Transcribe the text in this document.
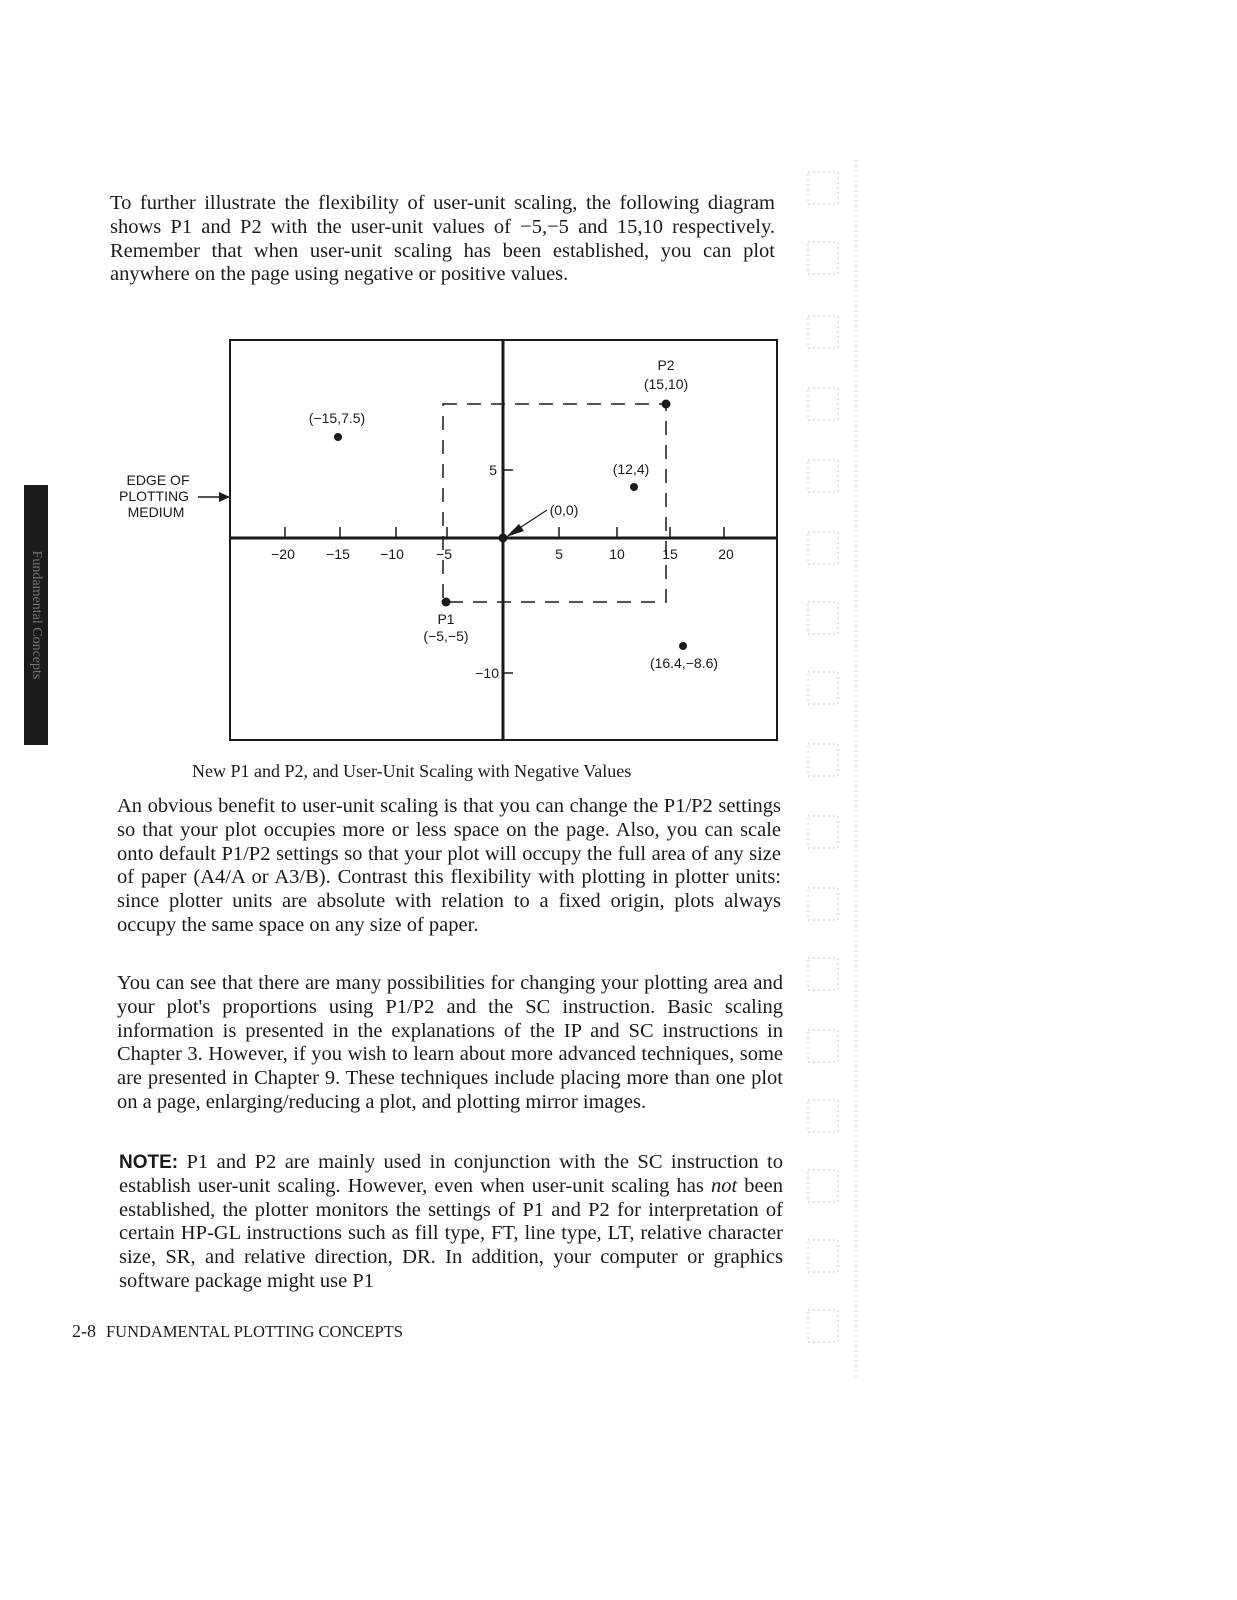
Fundamental Concepts

To further illustrate the flexibility of user-unit scaling, the following diagram shows P1 and P2 with the user-unit values of −5,−5 and 15,10 respectively. Remember that when user-unit scaling has been established, you can plot anywhere on the page using negative or positive values.

−20 −15 −10 −5	5	10	15	20
5
−10
P2
(15,10)
(−15,7.5)
(12,4)
(0,0)
P1
(−5,−5)
(16.4,−8.6)
EDGE OF
PLOTTING
MEDIUM

New P1 and P2, and User-Unit Scaling with Negative Values

An obvious benefit to user-unit scaling is that you can change the P1/P2 settings so that your plot occupies more or less space on the page. Also, you can scale onto default P1/P2 settings so that your plot will occupy the full area of any size of paper (A4/A or A3/B). Contrast this flexibility with plotting in plotter units: since plotter units are absolute with relation to a fixed origin, plots always occupy the same space on any size of paper.

You can see that there are many possibilities for changing your plotting area and your plot's proportions using P1/P2 and the SC instruction. Basic scaling information is presented in the explanations of the IP and SC instructions in Chapter 3. However, if you wish to learn about more advanced techniques, some are presented in Chapter 9. These techniques include placing more than one plot on a page, enlarging/reducing a plot, and plotting mirror images.

NOTE: P1 and P2 are mainly used in conjunction with the SC instruction to establish user-unit scaling. However, even when user-unit scaling has not been established, the plotter monitors the settings of P1 and P2 for interpretation of certain HP-GL instructions such as fill type, FT, line type, LT, relative character size, SR, and relative direction, DR. In addition, your computer or graphics software package might use P1

2-8 FUNDAMENTAL PLOTTING CONCEPTS
